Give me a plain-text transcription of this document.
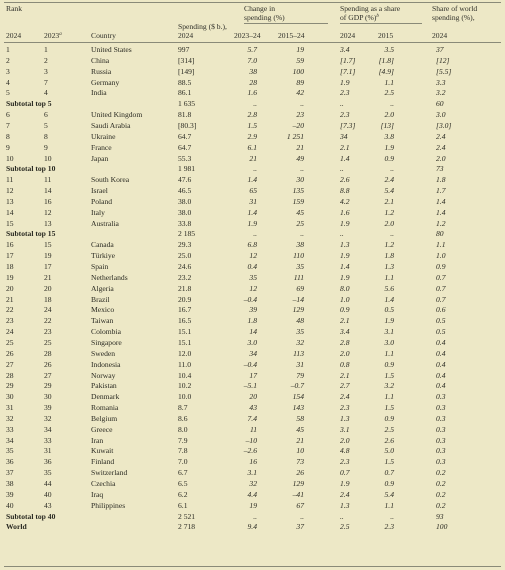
Rank
2024	2023$^a$	Country
Spending ($ b.),
2024
Change in
spending (%)
2023–24 2015–24
Spending as a share
of GDP (%)$^b$
2024	2015
Share of world
spending (%),
2024
1	1	United States	997	5.7	19	3.4	3.5	37
2	2	China	[314]	7.0	59	[1.7]	[1.8]	[12]
3	3	Russia	[149]	38	100	[7.1]	[4.9]	[5.5]
4	7	Germany	88.5	28	89	1.9	1.1	3.3
5	4	India	86.1	1.6	42	2.3	2.5	3.2
Subtotal top 5	1 635	..	..	..	..	60
6	6	United Kingdom	81.8	2.8	23	2.3	2.0	3.0
7	5	Saudi Arabia	[80.3]	1.5	–20	[7.3]	[13]	[3.0]
8	8	Ukraine	64.7	2.9	1 251	34	3.8	2.4
9	9	France	64.7	6.1	21	2.1	1.9	2.4
10	10	Japan	55.3	21	49	1.4	0.9	2.0
Subtotal top 10	1 981	..	..	..	..	73
11	11	South Korea	47.6	1.4	30	2.6	2.4	1.8
12	14	Israel	46.5	65	135	8.8	5.4	1.7
13	16	Poland	38.0	31	159	4.2	2.1	1.4
14	12	Italy	38.0	1.4	45	1.6	1.2	1.4
15	13	Australia	33.8	1.9	25	1.9	2.0	1.2
Subtotal top 15	2 185	..	..	..	..	80
16	15	Canada	29.3	6.8	38	1.3	1.2	1.1
17	19	Türkiye	25.0	12	110	1.9	1.8	1.0
18	17	Spain	24.6	0.4	35	1.4	1.3	0.9
19	21	Netherlands	23.2	35	111	1.9	1.1	0.7
20	20	Algeria	21.8	12	69	8.0	5.6	0.7
21	18	Brazil	20.9	–0.4	–14	1.0	1.4	0.7
22	24	Mexico	16.7	39	129	0.9	0.5	0.6
23	22	Taiwan	16.5	1.8	48	2.1	1.9	0.5
24	23	Colombia	15.1	14	35	3.4	3.1	0.5
25	25	Singapore	15.1	3.0	32	2.8	3.0	0.4
26	28	Sweden	12.0	34	113	2.0	1.1	0.4
27	26	Indonesia	11.0	–0.4	31	0.8	0.9	0.4
28	27	Norway	10.4	17	79	2.1	1.5	0.4
29	29	Pakistan	10.2	–5.1	–0.7	2.7	3.2	0.4
30	30	Denmark	10.0	20	154	2.4	1.1	0.3
31	39	Romania	8.7	43	143	2.3	1.5	0.3
32	32	Belgium	8.6	7.4	58	1.3	0.9	0.3
33	34	Greece	8.0	11	45	3.1	2.5	0.3
34	33	Iran	7.9	–10	21	2.0	2.6	0.3
35	31	Kuwait	7.8	–2.6	10	4.8	5.0	0.3
36	36	Finland	7.0	16	73	2.3	1.5	0.3
37	35	Switzerland	6.7	3.1	26	0.7	0.7	0.2
38	44	Czechia	6.5	32	129	1.9	0.9	0.2
39	40	Iraq	6.2	4.4	–41	2.4	5.4	0.2
40	43	Philippines	6.1	19	67	1.3	1.1	0.2
Subtotal top 40	2 521	..	..	..	..	93
World	2 718	9.4	37	2.5	2.3	100
